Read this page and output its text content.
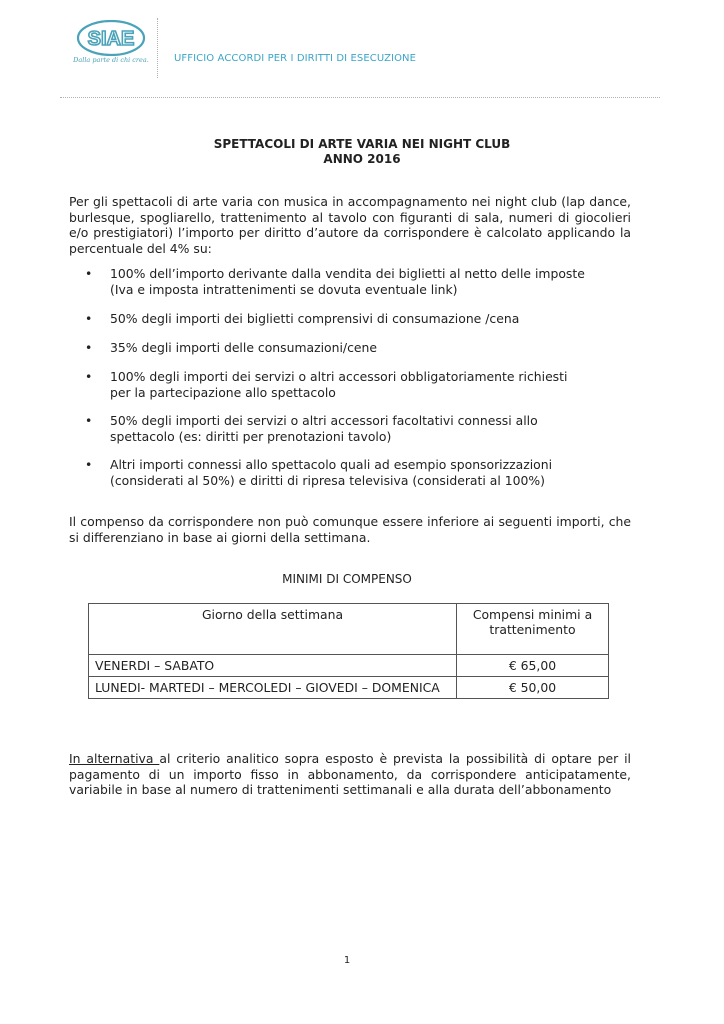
SIAE
Dalla parte di chi crea.	UFFICIO ACCORDI PER I DIRITTI DI ESECUZIONE
SPETTACOLI DI ARTE VARIA NEI NIGHT CLUB
ANNO 2016
Per gli spettacoli di arte varia con musica in accompagnamento nei night club (lap dance, burlesque, spogliarello, trattenimento al tavolo con figuranti di sala, numeri di giocolieri e/o prestigiatori) l’importo per diritto d’autore da corrispondere è calcolato applicando la percentuale del 4% su:
• 100% dell’importo derivante dalla vendita dei biglietti al netto delle imposte
(Iva e imposta intrattenimenti se dovuta eventuale link)
• 50% degli importi dei biglietti comprensivi di consumazione /cena
• 35% degli importi delle consumazioni/cene
• 100% degli importi dei servizi o altri accessori obbligatoriamente richiesti
per la partecipazione allo spettacolo
• 50% degli importi dei servizi o altri accessori facoltativi connessi allo
spettacolo (es: diritti per prenotazioni tavolo)
• Altri importi connessi allo spettacolo quali ad esempio sponsorizzazioni
(considerati al 50%) e diritti di ripresa televisiva (considerati al 100%)
Il compenso da corrispondere non può comunque essere inferiore ai seguenti importi, che si differenziano in base ai giorni della settimana.
MINIMI DI COMPENSO
Giorno della settimana	Compensi minimi a trattenimento
VENERDI – SABATO	€ 65,00
LUNEDI- MARTEDI – MERCOLEDI – GIOVEDI – DOMENICA	€ 50,00
In alternativa al criterio analitico sopra esposto è prevista la possibilità di optare per il pagamento di un importo fisso in abbonamento, da corrispondere anticipatamente, variabile in base al numero di trattenimenti settimanali e alla durata dell’abbonamento
1
